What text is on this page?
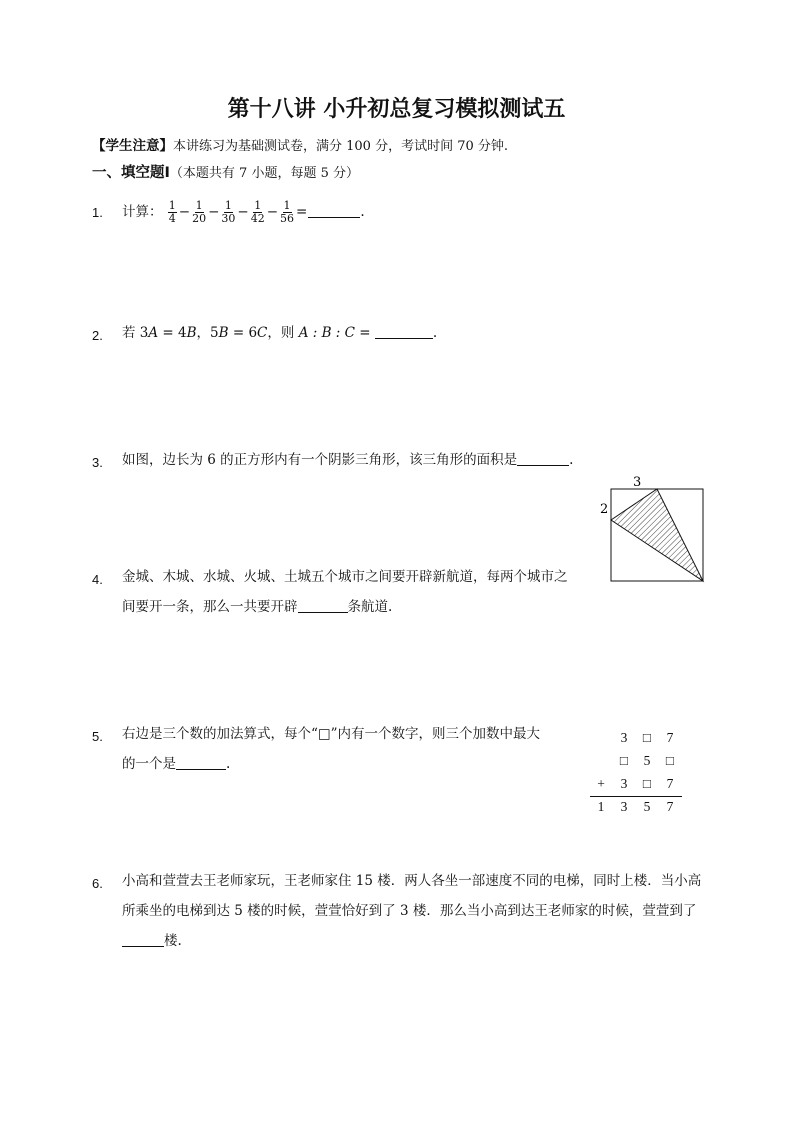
第十八讲 小升初总复习模拟测试五
【学生注意】本讲练习为基础测试卷，满分 100 分，考试时间 70 分钟.
一、填空题Ⅰ（本题共有 7 小题，每题 5 分）
1. 计算： $\frac{1}{4} - \frac{1}{20} - \frac{1}{30} - \frac{1}{42} - \frac{1}{56}$ =	.
2. 若 3A = 4B，5B = 6C，则 A : B : C =	.
3. 如图，边长为 6 的正方形内有一个阴影三角形，该三角形的面积是	.
3
2
4. 金城、木城、水城、火城、土城五个城市之间要开辟新航道，每两个城市之
间要开一条，那么一共要开辟	条航道.
5. 右边是三个数的加法算式，每个“□”内有一个数字，则三个加数中最大
的一个是	.
3	□	7
□	5	□
+	3	□	7
1	3	5	7
6. 小高和萱萱去王老师家玩，王老师家住 15 楼．两人各坐一部速度不同的电梯，同时上楼．当小高
所乘坐的电梯到达 5 楼的时候，萱萱恰好到了 3 楼．那么当小高到达王老师家的时候，萱萱到了
楼.
